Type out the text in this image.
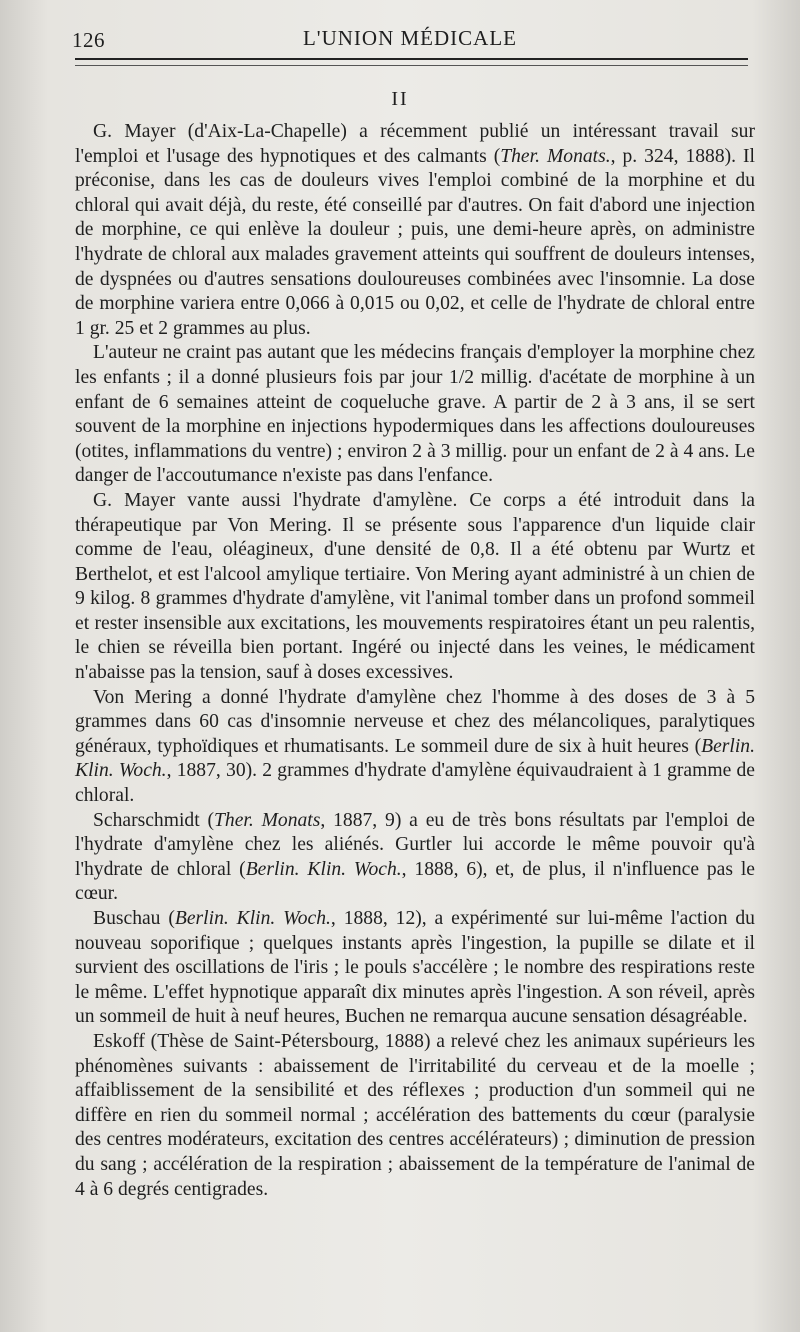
126	L'UNION MÉDICALE
II

G. Mayer (d'Aix-La-Chapelle) a récemment publié un intéressant travail sur l'emploi et l'usage des hypnotiques et des calmants (Ther. Monats., p. 324, 1888). Il préconise, dans les cas de douleurs vives l'emploi combiné de la morphine et du chloral qui avait déjà, du reste, été conseillé par d'autres. On fait d'abord une injection de morphine, ce qui enlève la douleur ; puis, une demi-heure après, on administre l'hydrate de chloral aux malades gravement atteints qui souffrent de douleurs intenses, de dyspnées ou d'autres sensations douloureuses combinées avec l'insomnie. La dose de morphine variera entre 0,066 à 0,015 ou 0,02, et celle de l'hydrate de chloral entre 1 gr. 25 et 2 grammes au plus.

L'auteur ne craint pas autant que les médecins français d'employer la morphine chez les enfants ; il a donné plusieurs fois par jour 1/2 millig. d'acétate de morphine à un enfant de 6 semaines atteint de coqueluche grave. A partir de 2 à 3 ans, il se sert souvent de la morphine en injections hypodermiques dans les affections douloureuses (otites, inflammations du ventre) ; environ 2 à 3 millig. pour un enfant de 2 à 4 ans. Le danger de l'accoutumance n'existe pas dans l'enfance.

G. Mayer vante aussi l'hydrate d'amylène. Ce corps a été introduit dans la thérapeutique par Von Mering. Il se présente sous l'apparence d'un liquide clair comme de l'eau, oléagineux, d'une densité de 0,8. Il a été obtenu par Wurtz et Berthelot, et est l'alcool amylique tertiaire. Von Mering ayant administré à un chien de 9 kilog. 8 grammes d'hydrate d'amylène, vit l'animal tomber dans un profond sommeil et rester insensible aux excitations, les mouvements respiratoires étant un peu ralentis, le chien se réveilla bien portant. Ingéré ou injecté dans les veines, le médicament n'abaisse pas la tension, sauf à doses excessives.

Von Mering a donné l'hydrate d'amylène chez l'homme à des doses de 3 à 5 grammes dans 60 cas d'insomnie nerveuse et chez des mélancoliques, paralytiques généraux, typhoïdiques et rhumatisants. Le sommeil dure de six à huit heures (Berlin. Klin. Woch., 1887, 30). 2 grammes d'hydrate d'amylène équivaudraient à 1 gramme de chloral.

Scharschmidt (Ther. Monats, 1887, 9) a eu de très bons résultats par l'emploi de l'hydrate d'amylène chez les aliénés. Gurtler lui accorde le même pouvoir qu'à l'hydrate de chloral (Berlin. Klin. Woch., 1888, 6), et, de plus, il n'influence pas le cœur.

Buschau (Berlin. Klin. Woch., 1888, 12), a expérimenté sur lui-même l'action du nouveau soporifique ; quelques instants après l'ingestion, la pupille se dilate et il survient des oscillations de l'iris ; le pouls s'accélère ; le nombre des respirations reste le même. L'effet hypnotique apparaît dix minutes après l'ingestion. A son réveil, après un sommeil de huit à neuf heures, Buchen ne remarqua aucune sensation désagréable.

Eskoff (Thèse de Saint-Pétersbourg, 1888) a relevé chez les animaux supérieurs les phénomènes suivants : abaissement de l'irritabilité du cerveau et de la moelle ; affaiblissement de la sensibilité et des réflexes ; production d'un sommeil qui ne diffère en rien du sommeil normal ; accélération des battements du cœur (paralysie des centres modérateurs, excitation des centres accélérateurs) ; diminution de pression du sang ; accélération de la respiration ; abaissement de la température de l'animal de 4 à 6 degrés centigrades.
